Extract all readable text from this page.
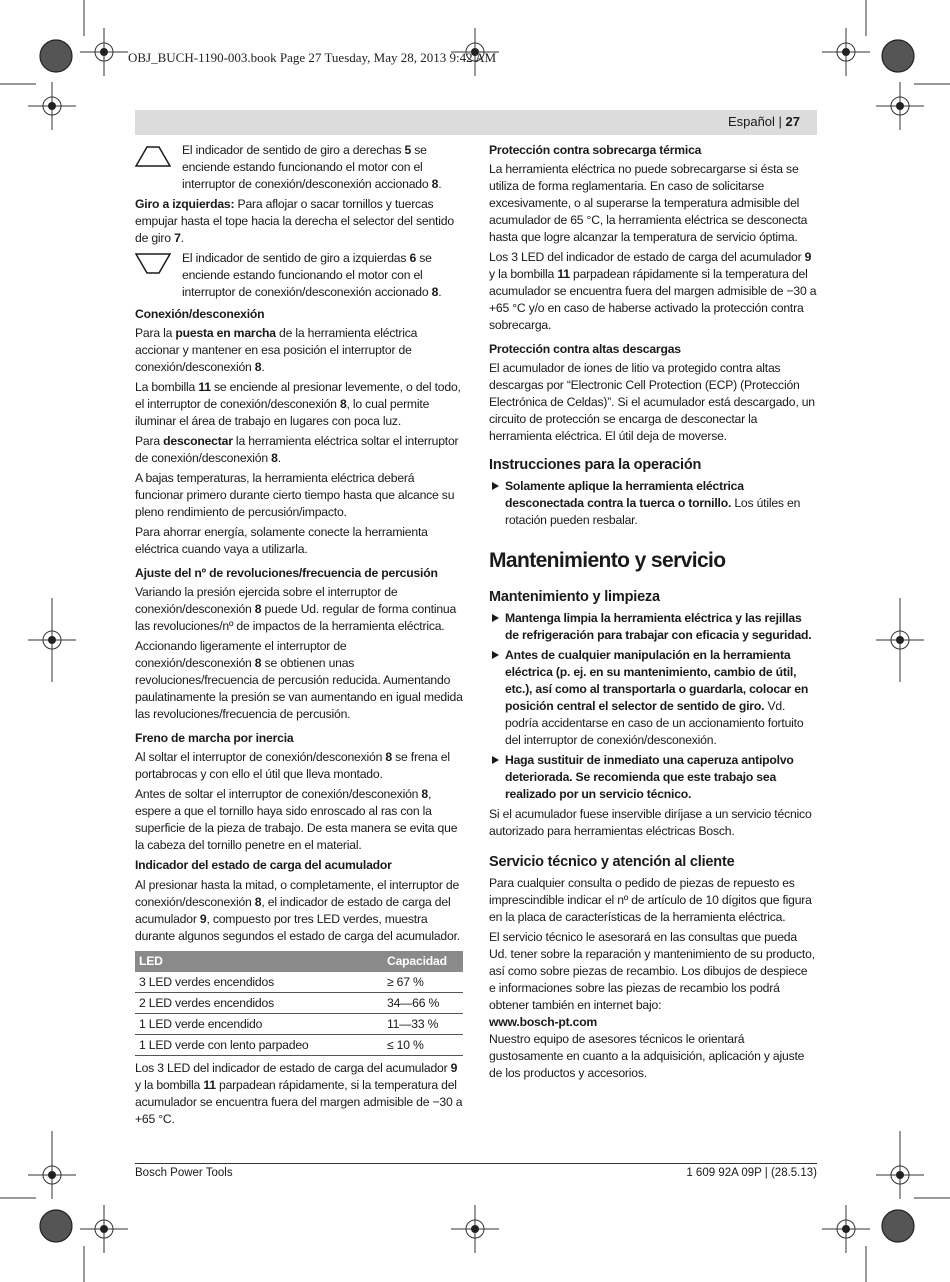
OBJ_BUCH-1190-003.book Page 27 Tuesday, May 28, 2013 9:42 AM
Español | 27
El indicador de sentido de giro a derechas 5 se enciende estando funcionando el motor con el interruptor de conexión/desconexión accionado 8.

Giro a izquierdas: Para aflojar o sacar tornillos y tuercas empujar hasta el tope hacia la derecha el selector del sentido de giro 7.

El indicador de sentido de giro a izquierdas 6 se enciende estando funcionando el motor con el interruptor de conexión/desconexión accionado 8.

Conexión/desconexión

Para la puesta en marcha de la herramienta eléctrica accionar y mantener en esa posición el interruptor de conexión/desconexión 8.

La bombilla 11 se enciende al presionar levemente, o del todo, el interruptor de conexión/desconexión 8, lo cual permite iluminar el área de trabajo en lugares con poca luz.

Para desconectar la herramienta eléctrica soltar el interruptor de conexión/desconexión 8.

A bajas temperaturas, la herramienta eléctrica deberá funcionar primero durante cierto tiempo hasta que alcance su pleno rendimiento de percusión/impacto.

Para ahorrar energía, solamente conecte la herramienta eléctrica cuando vaya a utilizarla.

Ajuste del nº de revoluciones/frecuencia de percusión

Variando la presión ejercida sobre el interruptor de conexión/desconexión 8 puede Ud. regular de forma continua las revoluciones/nº de impactos de la herramienta eléctrica.

Accionando ligeramente el interruptor de conexión/desconexión 8 se obtienen unas revoluciones/frecuencia de percusión reducida. Aumentando paulatinamente la presión se van aumentando en igual medida las revoluciones/frecuencia de percusión.

Freno de marcha por inercia

Al soltar el interruptor de conexión/desconexión 8 se frena el portabrocas y con ello el útil que lleva montado.

Antes de soltar el interruptor de conexión/desconexión 8, espere a que el tornillo haya sido enroscado al ras con la superficie de la pieza de trabajo. De esta manera se evita que la cabeza del tornillo penetre en el material.

Indicador del estado de carga del acumulador

Al presionar hasta la mitad, o completamente, el interruptor de conexión/desconexión 8, el indicador de estado de carga del acumulador 9, compuesto por tres LED verdes, muestra durante algunos segundos el estado de carga del acumulador.

LED	Capacidad
3 LED verdes encendidos	≥ 67 %
2 LED verdes encendidos	34—66 %
1 LED verde encendido	11—33 %
1 LED verde con lento parpadeo	≤ 10 %

Los 3 LED del indicador de estado de carga del acumulador 9 y la bombilla 11 parpadean rápidamente, si la temperatura del acumulador se encuentra fuera del margen admisible de −30 a +65 °C.

Protección contra sobrecarga térmica

La herramienta eléctrica no puede sobrecargarse si ésta se utiliza de forma reglamentaria. En caso de solicitarse excesivamente, o al superarse la temperatura admisible del acumulador de 65 °C, la herramienta eléctrica se desconecta hasta que logre alcanzar la temperatura de servicio óptima.

Los 3 LED del indicador de estado de carga del acumulador 9 y la bombilla 11 parpadean rápidamente si la temperatura del acumulador se encuentra fuera del margen admisible de −30 a +65 °C y/o en caso de haberse activado la protección contra sobrecarga.

Protección contra altas descargas

El acumulador de iones de litio va protegido contra altas descargas por “Electronic Cell Protection (ECP) (Protección Electrónica de Celdas)”. Si el acumulador está descargado, un circuito de protección se encarga de desconectar la herramienta eléctrica. El útil deja de moverse.

Instrucciones para la operación

Solamente aplique la herramienta eléctrica desconectada contra la tuerca o tornillo. Los útiles en rotación pueden resbalar.

Mantenimiento y servicio

Mantenimiento y limpieza

Mantenga limpia la herramienta eléctrica y las rejillas de refrigeración para trabajar con eficacia y seguridad.
Antes de cualquier manipulación en la herramienta eléctrica (p. ej. en su mantenimiento, cambio de útil, etc.), así como al transportarla o guardarla, colocar en posición central el selector de sentido de giro. Vd. podría accidentarse en caso de un accionamiento fortuito del interruptor de conexión/desconexión.
Haga sustituir de inmediato una caperuza antipolvo deteriorada. Se recomienda que este trabajo sea realizado por un servicio técnico.

Si el acumulador fuese inservible diríjase a un servicio técnico autorizado para herramientas eléctricas Bosch.

Servicio técnico y atención al cliente

Para cualquier consulta o pedido de piezas de repuesto es imprescindible indicar el nº de artículo de 10 dígitos que figura en la placa de características de la herramienta eléctrica.

El servicio técnico le asesorará en las consultas que pueda Ud. tener sobre la reparación y mantenimiento de su producto, así como sobre piezas de recambio. Los dibujos de despiece e informaciones sobre las piezas de recambio los podrá obtener también en internet bajo:

www.bosch-pt.com

Nuestro equipo de asesores técnicos le orientará gustosamente en cuanto a la adquisición, aplicación y ajuste de los productos y accesorios.

Bosch Power Tools	1 609 92A 09P | (28.5.13)
